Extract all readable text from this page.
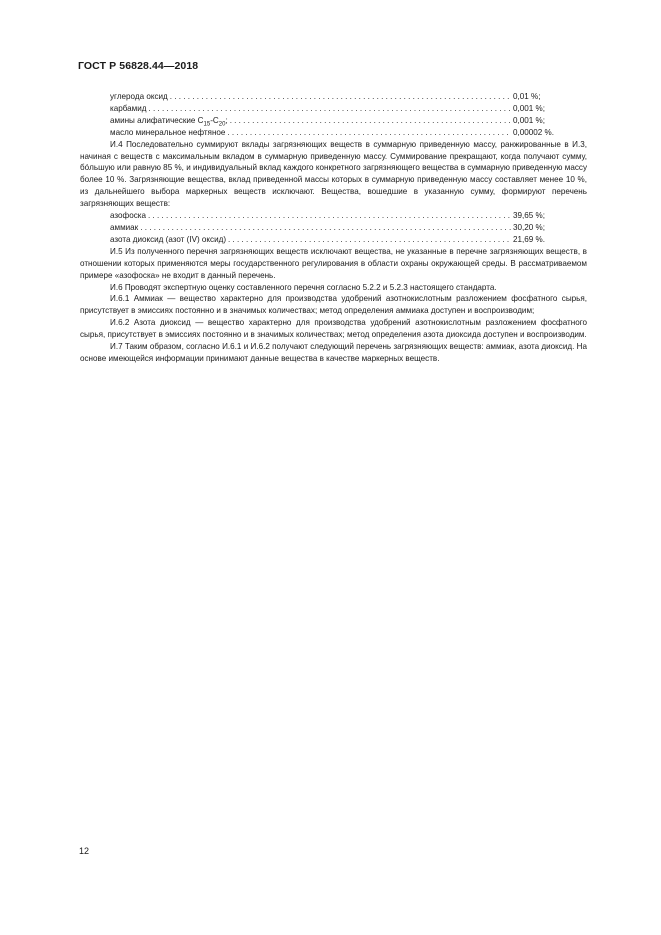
ГОСТ Р 56828.44—2018
углерода оксид . . .	0,01 %;
карбамид . . .	0,001 %;
амины алифатические $С_{15}-С_{20}$; . . .	0,001 %;
масло минеральное нефтяное . . .	0,00002 %.

И.4 Последовательно суммируют вклады загрязняющих веществ в суммарную приведенную массу, ранжированные в И.3, начиная с веществ с максимальным вкладом в суммарную приведенную массу. Суммирование прекращают, когда получают сумму, бóльшую или равную 85 %, и индивидуальный вклад каждого конкретного загрязняющего вещества в суммарную приведенную массу более 10 %. Загрязняющие вещества, вклад приведенной массы которых в суммарную приведенную массу составляет менее 10 %, из дальнейшего выбора маркерных веществ исключают. Вещества, вошедшие в указанную сумму, формируют перечень загрязняющих веществ:

азофоска . . .	39,65 %;
аммиак . . .	30,20 %;
азота диоксид (азот (IV) оксид) . . .	21,69 %.

И.5 Из полученного перечня загрязняющих веществ исключают вещества, не указанные в перечне загрязняющих веществ, в отношении которых применяются меры государственного регулирования в области охраны окружающей среды. В рассматриваемом примере «азофоска» не входит в данный перечень.

И.6 Проводят экспертную оценку составленного перечня согласно 5.2.2 и 5.2.3 настоящего стандарта.

И.6.1 Аммиак — вещество характерно для производства удобрений азотнокислотным разложением фосфатного сырья, присутствует в эмиссиях постоянно и в значимых количествах; метод определения аммиака доступен и воспроизводим;

И.6.2 Азота диоксид — вещество характерно для производства удобрений азотнокислотным разложением фосфатного сырья, присутствует в эмиссиях постоянно и в значимых количествах; метод определения азота диоксида доступен и воспроизводим.

И.7 Таким образом, согласно И.6.1 и И.6.2 получают следующий перечень загрязняющих веществ: аммиак, азота диоксид. На основе имеющейся информации принимают данные вещества в качестве маркерных веществ.

12
